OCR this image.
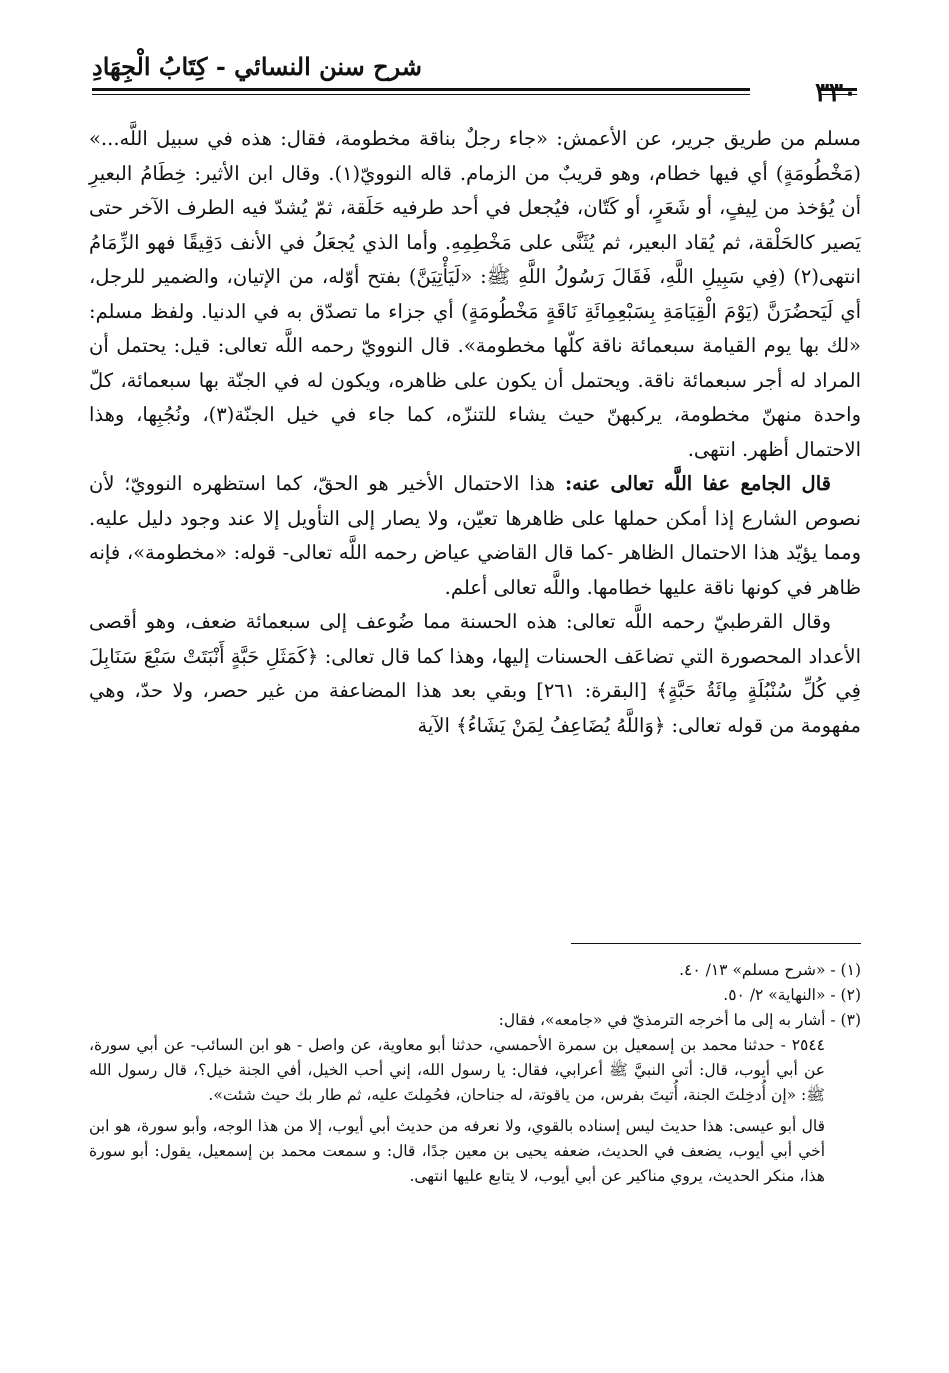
٣٣٠
شرح سنن النسائي - كِتَابُ الْجِهَادِ

مسلم من طريق جرير، عن الأعمش: «جاء رجلٌ بناقة مخطومة، فقال: هذه في سبيل اللَّه...» (مَخْطُومَةٍ) أي فيها خطام، وهو قريبٌ من الزمام. قاله النوويّ(١). وقال ابن الأثير: خِطَامُ البعيرِ أن يُؤخذ من لِيفٍ، أو شَعَرٍ، أو كَتّان، فيُجعل في أحد طرفيه حَلَقة، ثمّ يُشدّ فيه الطرف الآخر حتى يَصير كالحَلْقة، ثم يُقاد البعير، ثم يُثَنَّى على مَخْطِمِهِ. وأما الذي يُجعَلُ في الأنف دَقِيقًا فهو الزِّمَامُ انتهى(٢) (فِي سَبِيلِ اللَّهِ، فَقَالَ رَسُولُ اللَّهِ ﷺ: «لَيَأْتِيَنَّ) بفتح أوّله، من الإتيان، والضمير للرجل، أي لَيَحضُرَنَّ (يَوْمَ الْقِيَامَةِ بِسَبْعِمِائَةِ نَاقَةٍ مَخْطُومَةٍ) أي جزاء ما تصدّق به في الدنيا. ولفظ مسلم: «لك بها يوم القيامة سبعمائة ناقة كلّها مخطومة». قال النوويّ رحمه اللَّه تعالى: قيل: يحتمل أن المراد له أجر سبعمائة ناقة. ويحتمل أن يكون على ظاهره، ويكون له في الجنّة بها سبعمائة، كلّ واحدة منهنّ مخطومة، يركبهنّ حيث يشاء للتنزّه، كما جاء في خيل الجنّة(٣)، ونُجُبِها، وهذا الاحتمال أظهر. انتهى.

قال الجامع عفا اللَّه تعالى عنه: هذا الاحتمال الأخير هو الحقّ، كما استظهره النوويّ؛ لأن نصوص الشارع إذا أمكن حملها على ظاهرها تعيّن، ولا يصار إلى التأويل إلا عند وجود دليل عليه. ومما يؤيّد هذا الاحتمال الظاهر -كما قال القاضي عياض رحمه اللَّه تعالى- قوله: «مخطومة»، فإنه ظاهر في كونها ناقة عليها خطامها. واللَّه تعالى أعلم.

وقال القرطبيّ رحمه اللَّه تعالى: هذه الحسنة مما ضُوعف إلى سبعمائة ضعف، وهو أقصى الأعداد المحصورة التي تضاعَف الحسنات إليها، وهذا كما قال تعالى: ﴿كَمَثَلِ حَبَّةٍ أَنْبَتَتْ سَبْعَ سَنَابِلَ فِي كُلِّ سُنْبُلَةٍ مِائَةُ حَبَّةٍ﴾ [البقرة: ٢٦١] وبقي بعد هذا المضاعفة من غير حصر، ولا حدّ، وهي مفهومة من قوله تعالى: ﴿وَاللَّهُ يُضَاعِفُ لِمَنْ يَشَاءُ﴾ الآية

(١) - «شرح مسلم» ١٣/ ٤٠.

(٢) - «النهاية» ٢/ ٥٠.

(٣) - أشار به إلى ما أخرجه الترمذيّ في «جامعه»، فقال:

٢٥٤٤ - حدثنا محمد بن إسمعيل بن سمرة الأحمسي، حدثنا أبو معاوية، عن واصل - هو ابن السائب- عن أبي سورة، عن أبي أيوب، قال: أتى النبيَّ ﷺ أعرابي، فقال: يا رسول الله، إني أحب الخيل، أفي الجنة خيل؟، قال رسول الله ﷺ: «إن أُدخِلتَ الجنة، أُتيتَ بفرس، من ياقوتة، له جناحان، فحُمِلتَ عليه، ثم طار بك حيث شئت».

قال أبو عيسى: هذا حديث ليس إسناده بالقوي، ولا نعرفه من حديث أبي أيوب، إلا من هذا الوجه، وأبو سورة، هو ابن أخي أبي أيوب، يضعف في الحديث، ضعفه يحيى بن معين جدًا، قال: و سمعت محمد بن إسمعيل، يقول: أبو سورة هذا، منكر الحديث، يروي مناكير عن أبي أيوب، لا يتابع عليها انتهى.
